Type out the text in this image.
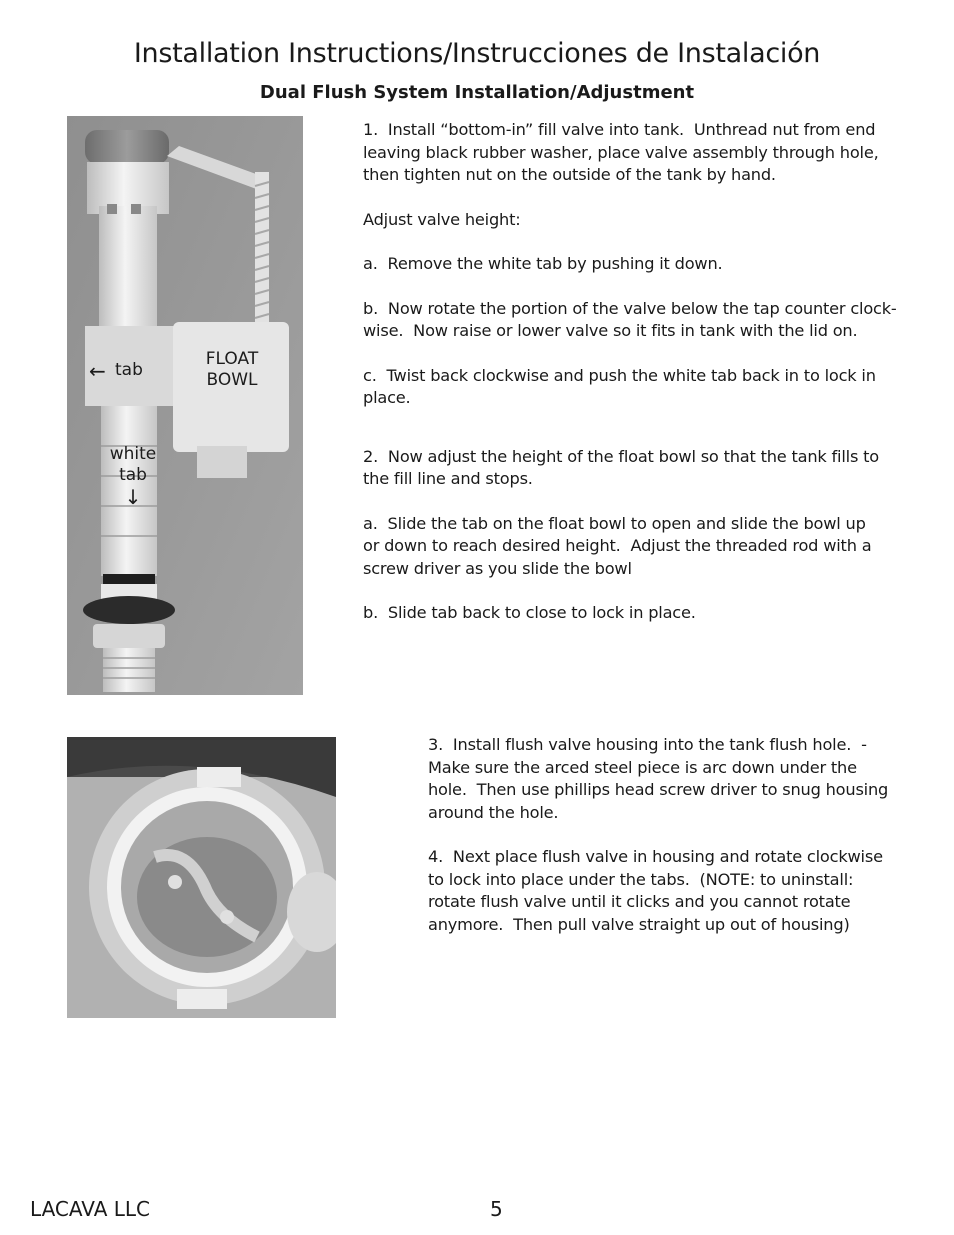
Installation Instructions/Instrucciones de Instalación
Dual Flush System Installation/Adjustment
← tab
FLOAT
BOWL
white
tab
↓

1.  Install “bottom-in” fill valve into tank.  Unthread nut from end leaving black rubber washer, place valve assembly through hole, then tighten nut on the outside of the tank by hand.

Adjust valve height:

a.  Remove the white tab by pushing it down.

b.  Now rotate the portion of the valve below the tap counter clock-wise.  Now raise or lower valve so it fits in tank with the lid on.

c.  Twist back clockwise and push the white tab back in to lock in place.

2.  Now adjust the height of the float bowl so that the tank fills to the fill line and stops.

a.  Slide the tab on the float bowl to open and slide the bowl up or down to reach desired height.  Adjust the threaded rod with a screw driver as you slide the bowl

b.  Slide tab back to close to lock in place.

3.  Install flush valve housing into the tank flush hole.  -  Make sure the arced steel piece is arc down under the hole.  Then use phillips head screw driver to snug housing around the hole.

4.  Next place flush valve in housing and rotate clockwise to lock into place under the tabs.  (NOTE: to uninstall:  rotate flush valve until it clicks and you cannot rotate anymore.  Then pull valve straight up out of housing)

LACAVA LLC	5
